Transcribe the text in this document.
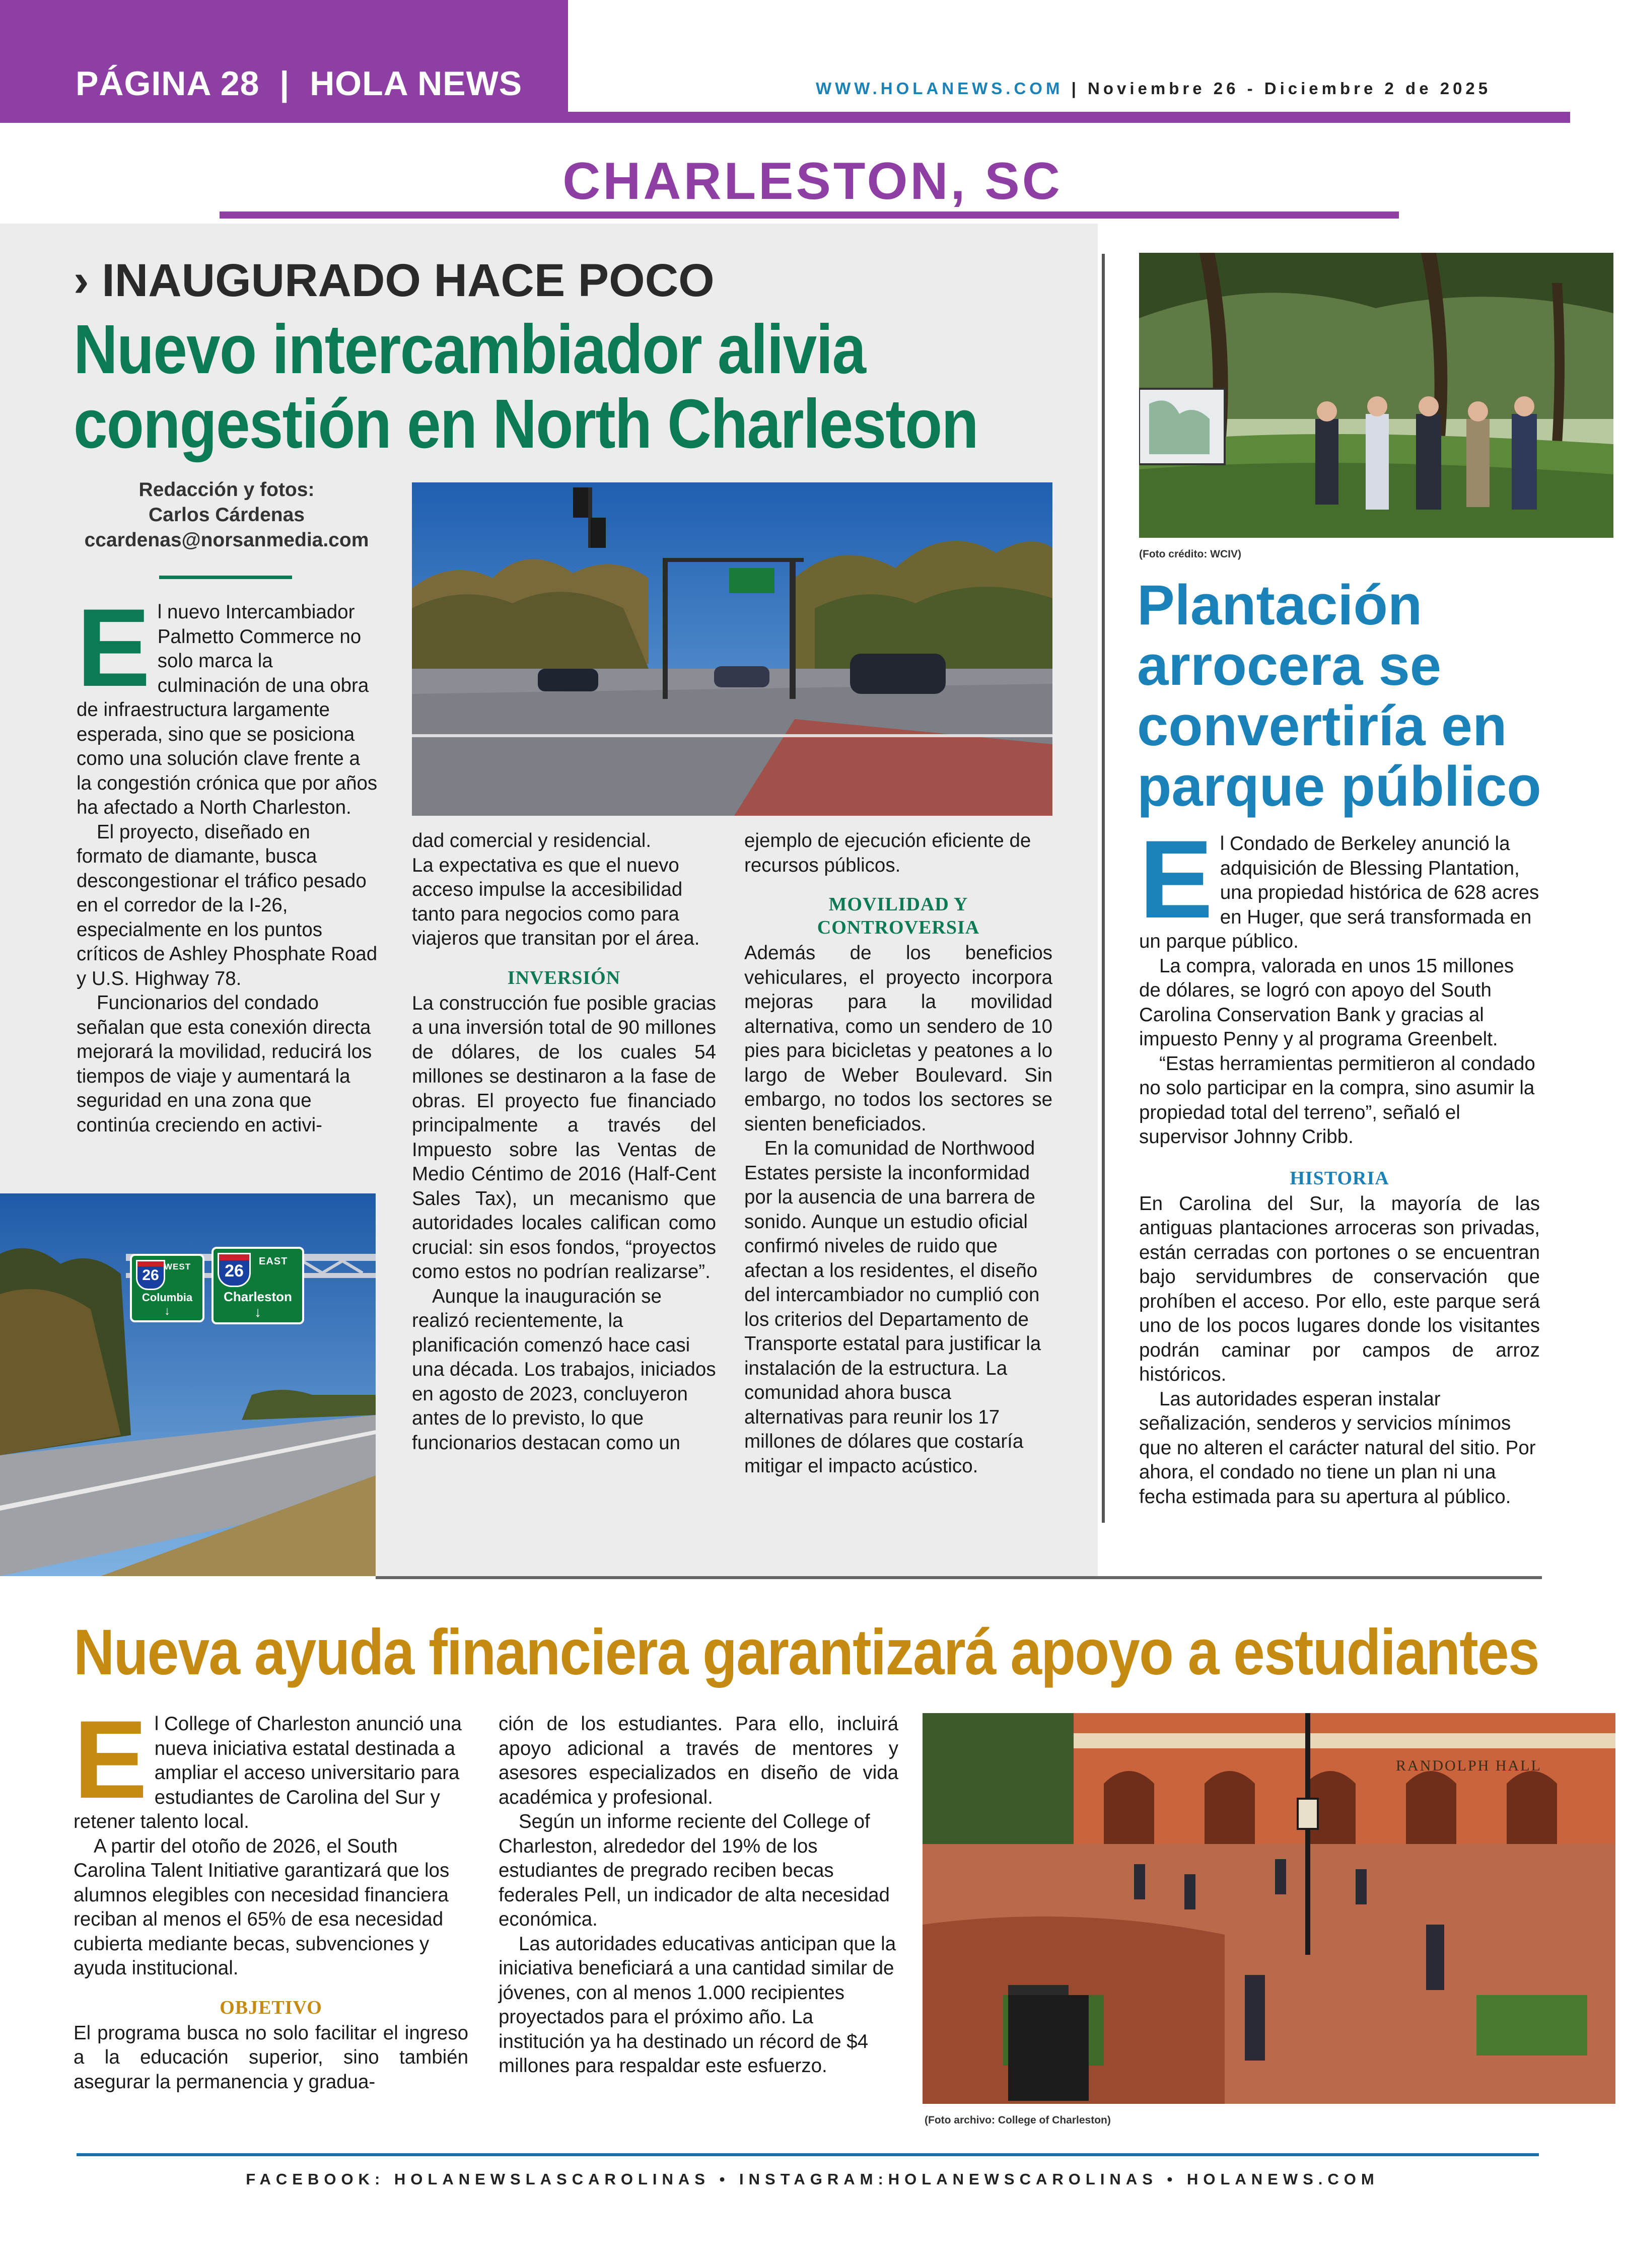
PÁGINA 28  |  HOLA NEWS	WWW.HOLANEWS.COM | Noviembre 26 - Diciembre 2 de 2025
CHARLESTON, SC
› INAUGURADO HACE POCO
Nuevo intercambiador alivia
congestión en North Charleston
Redacción y fotos:
Carlos Cárdenas
ccardenas@norsanmedia.com
E l nuevo Intercambiador Palmetto Commerce no solo marca la culminación de una obra de infraestructura largamente esperada, sino que se posiciona como una solución clave frente a la congestión crónica que por años ha afectado a North Charleston.

El proyecto, diseñado en formato de diamante, busca descongestionar el tráfico pesado en el corredor de la I-26, especialmente en los puntos críticos de Ashley Phosphate Road y U.S. Highway 78.

Funcionarios del condado señalan que esta conexión directa mejorará la movilidad, reducirá los tiempos de viaje y aumentará la seguridad en una zona que continúa creciendo en activi-

26
WEST
Columbia
↓
26	EAST
Charleston
↓

dad comercial y residencial.

La expectativa es que el nuevo acceso impulse la accesibilidad tanto para negocios como para viajeros que transitan por el área.

INVERSIÓN

La construcción fue posible gracias a una inversión total de 90 millones de dólares, de los cuales 54 millones se destinaron a la fase de obras. El proyecto fue financiado principalmente a través del Impuesto sobre las Ventas de Medio Céntimo de 2016 (Half-Cent Sales Tax), un mecanismo que autoridades locales califican como crucial: sin esos fondos, “proyectos como estos no podrían realizarse”.

Aunque la inauguración se realizó recientemente, la planificación comenzó hace casi una década. Los trabajos, iniciados en agosto de 2023, concluyeron antes de lo previsto, lo que funcionarios destacan como un

ejemplo de ejecución eficiente de recursos públicos.

MOVILIDAD Y CONTROVERSIA

Además de los beneficios vehiculares, el proyecto incorpora mejoras para la movilidad alternativa, como un sendero de 10 pies para bicicletas y peatones a lo largo de Weber Boulevard. Sin embargo, no todos los sectores se sienten beneficiados.

En la comunidad de Northwood Estates persiste la inconformidad por la ausencia de una barrera de sonido. Aunque un estudio oficial confirmó niveles de ruido que afectan a los residentes, el diseño del intercambiador no cumplió con los criterios del Departamento de Transporte estatal para justificar la instalación de la estructura. La comunidad ahora busca alternativas para reunir los 17 millones de dólares que costaría mitigar el impacto acústico.

(Foto crédito: WCIV)
Plantación
arrocera se
convertiría en
parque público
E l Condado de Berkeley anunció la adquisición de Blessing Plantation, una propiedad histórica de 628 acres en Huger, que será transformada en un parque público.

La compra, valorada en unos 15 millones de dólares, se logró con apoyo del South Carolina Conservation Bank y gracias al impuesto Penny y al programa Greenbelt.

“Estas herramientas permitieron al condado no solo participar en la compra, sino asumir la propiedad total del terreno”, señaló el supervisor Johnny Cribb.

HISTORIA

En Carolina del Sur, la mayoría de las antiguas plantaciones arroceras son privadas, están cerradas con portones o se encuentran bajo servidumbres de conservación que prohíben el acceso. Por ello, este parque será uno de los pocos lugares donde los visitantes podrán caminar por campos de arroz históricos.

Las autoridades esperan instalar señalización, senderos y servicios mínimos que no alteren el carácter natural del sitio. Por ahora, el condado no tiene un plan ni una fecha estimada para su apertura al público.

Nueva ayuda financiera garantizará apoyo a estudiantes
E l College of Charleston anunció una nueva iniciativa estatal destinada a ampliar el acceso universitario para estudiantes de Carolina del Sur y retener talento local.

A partir del otoño de 2026, el South Carolina Talent Initiative garantizará que los alumnos elegibles con necesidad financiera reciban al menos el 65% de esa necesidad cubierta mediante becas, subvenciones y ayuda institucional.

OBJETIVO

El programa busca no solo facilitar el ingreso a la educación superior, sino también asegurar la permanencia y gradua-

ción de los estudiantes. Para ello, incluirá apoyo adicional a través de mentores y asesores especializados en diseño de vida académica y profesional.

Según un informe reciente del College of Charleston, alrededor del 19% de los estudiantes de pregrado reciben becas federales Pell, un indicador de alta necesidad económica.

Las autoridades educativas anticipan que la iniciativa beneficiará a una cantidad similar de jóvenes, con al menos 1.000 recipientes proyectados para el próximo año. La institución ya ha destinado un récord de $4 millones para respaldar este esfuerzo.

RANDOLPH HALL
(Foto archivo: College of Charleston)
FACEBOOK: HOLANEWSLASCAROLINAS • INSTAGRAM:HOLANEWSCAROLINAS • HOLANEWS.COM
